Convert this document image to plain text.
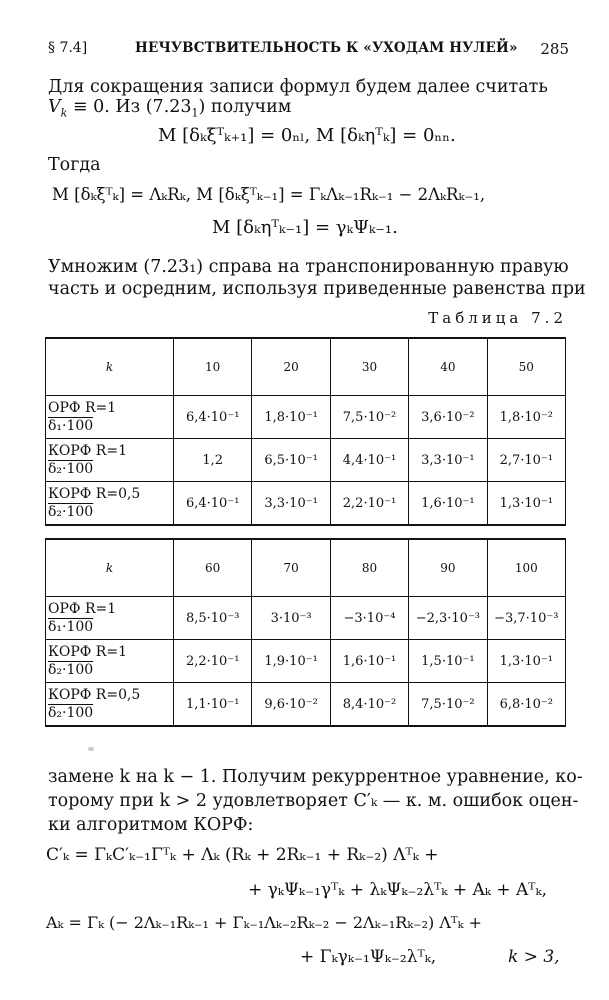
§ 7.4]	НЕЧУВСТВИТЕЛЬНОСТЬ К «УХОДАМ НУЛЕЙ» 285
Для сокращения записи формул будем далее считать
$V_k \equiv 0$. Из $(7.23_1)$ получим
M [δₖξᵀₖ₊₁] = 0ₙₗ, M [δₖηᵀₖ] = 0ₙₙ.
Тогда
M [δₖξᵀₖ] = ΛₖRₖ, M [δₖξᵀₖ₋₁] = ΓₖΛₖ₋₁Rₖ₋₁ − 2ΛₖRₖ₋₁,
M [δₖηᵀₖ₋₁] = γₖΨₖ₋₁.
Умножим (7.23₁) справа на транспонированную правую
часть и осредним, используя приведенные равенства при
Таблица 7.2
k	10	20	30	40	50

ОРФ R=1
δ₁·100	6,4·10⁻¹	1,8·10⁻¹	7,5·10⁻²	3,6·10⁻²	1,8·10⁻²

КОРФ R=1
δ₂·100	1,2	6,5·10⁻¹	4,4·10⁻¹	3,3·10⁻¹	2,7·10⁻¹

КОРФ R=0,5
δ₂·100	6,4·10⁻¹	3,3·10⁻¹	2,2·10⁻¹	1,6·10⁻¹	1,3·10⁻¹
k	60	70	80	90	100

ОРФ R=1
δ₁·100	8,5·10⁻³	3·10⁻³	−3·10⁻⁴	−2,3·10⁻³	−3,7·10⁻³

КОРФ R=1
δ₂·100	2,2·10⁻¹	1,9·10⁻¹	1,6·10⁻¹	1,5·10⁻¹	1,3·10⁻¹

КОРФ R=0,5
δ₂·100	1,1·10⁻¹	9,6·10⁻²	8,4·10⁻²	7,5·10⁻²	6,8·10⁻²
замене k на k − 1. Получим рекуррентное уравнение, ко-
торому при k > 2 удовлетворяет C′ₖ — к. м. ошибок оцен-
ки алгоритмом КОРФ:
C′ₖ = ΓₖC′ₖ₋₁Γᵀₖ + Λₖ (Rₖ + 2Rₖ₋₁ + Rₖ₋₂) Λᵀₖ +
+ γₖΨₖ₋₁γᵀₖ + λₖΨₖ₋₂λᵀₖ + Aₖ + Aᵀₖ,
Aₖ = Γₖ (− 2Λₖ₋₁Rₖ₋₁ + Γₖ₋₁Λₖ₋₂Rₖ₋₂ − 2Λₖ₋₁Rₖ₋₂) Λᵀₖ +
+ Γₖγₖ₋₁Ψₖ₋₂λᵀₖ,	k > 3,
